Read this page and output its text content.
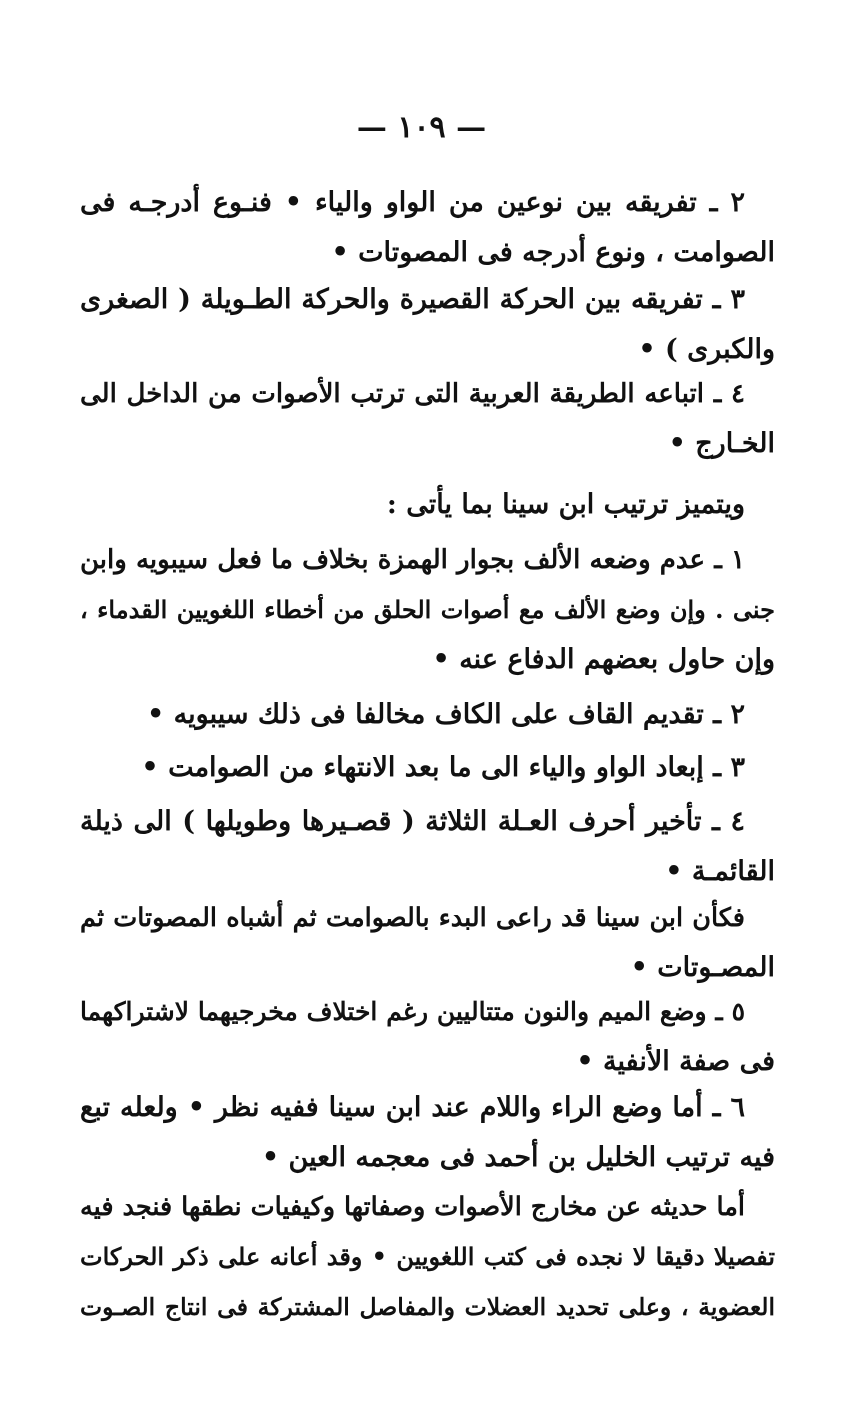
— ١٠٩ —
٢ ـ تفريقه بين نوعين من الواو والياء • فنـوع أدرجـه فى
الصوامت ، ونوع أدرجه فى المصوتات •
٣ ـ تفريقه بين الحركة القصيرة والحركة الطـويلة ( الصغرى
والكبرى ) •
٤ ـ اتباعه الطريقة العربية التى ترتب الأصوات من الداخل الى
الخـارج •
ويتميز ترتيب ابن سينا بما يأتى :
١ ـ عدم وضعه الألف بجوار الهمزة بخلاف ما فعل سيبويه وابن
جنى . وإن وضع الألف مع أصوات الحلق من أخطاء اللغويين القدماء ،
وإن حاول بعضهم الدفاع عنه •
٢ ـ تقديم القاف على الكاف مخالفا فى ذلك سيبويه •
٣ ـ إبعاد الواو والياء الى ما بعد الانتهاء من الصوامت •
٤ ـ تأخير أحرف العـلة الثلاثة ( قصـيرها وطويلها ) الى ذيلة
القائمـة •
فكأن ابن سينا قد راعى البدء بالصوامت ثم أشباه المصوتات ثم
المصـوتات •
٥ ـ وضع الميم والنون متتاليين رغم اختلاف مخرجيهما لاشتراكهما
فى صفة الأنفية •
٦ ـ أما وضع الراء واللام عند ابن سينا ففيه نظر • ولعله تبع
فيه ترتيب الخليل بن أحمد فى معجمه العين •
أما حديثه عن مخارج الأصوات وصفاتها وكيفيات نطقها فنجد فيه
تفصيلا دقيقا لا نجده فى كتب اللغويين • وقد أعانه على ذكر الحركات
العضوية ، وعلى تحديد العضلات والمفاصل المشتركة فى انتاج الصـوت
